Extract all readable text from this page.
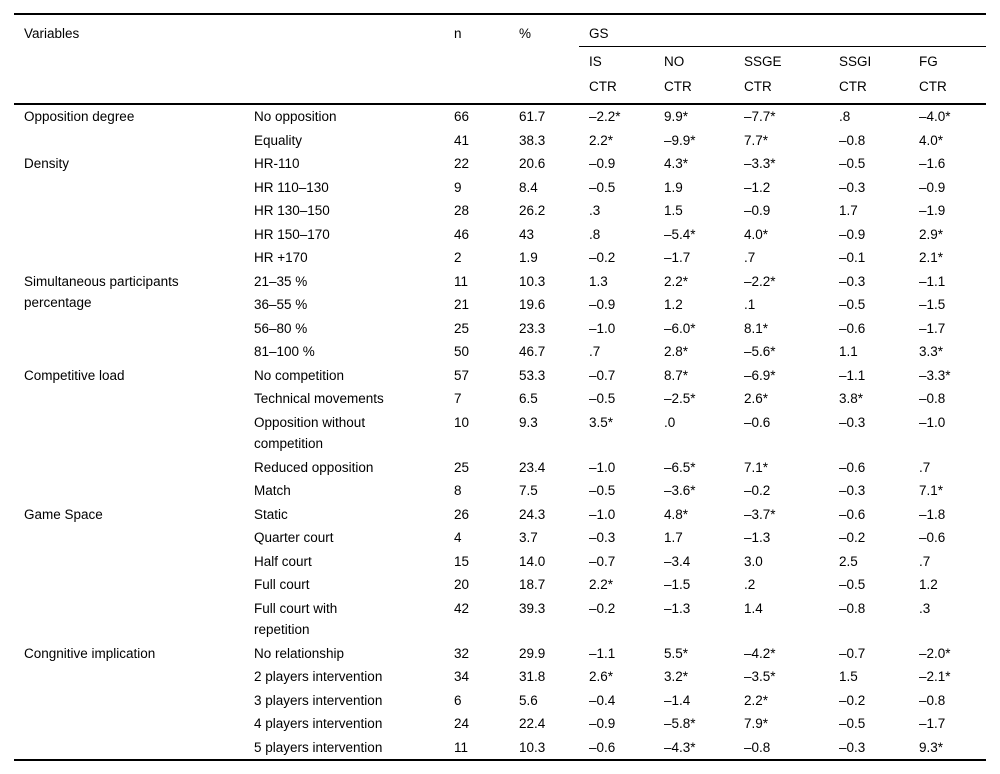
Variables		n	%	GS				
				IS	NO	SSGE	SSGI	FG
				CTR	CTR	CTR	CTR	CTR
Opposition degree	No opposition	66	61.7	–2.2*	9.9*	–7.7*	.8	–4.0*
	Equality	41	38.3	2.2*	–9.9*	7.7*	–0.8	4.0*
Density	HR-110	22	20.6	–0.9	4.3*	–3.3*	–0.5	–1.6
	HR 110–130	9	8.4	–0.5	1.9	–1.2	–0.3	–0.9
	HR 130–150	28	26.2	.3	1.5	–0.9	1.7	–1.9
	HR 150–170	46	43	.8	–5.4*	4.0*	–0.9	2.9*
	HR +170	2	1.9	–0.2	–1.7	.7	–0.1	2.1*
Simultaneous participants percentage	21–35 %	11	10.3	1.3	2.2*	–2.2*	–0.3	–1.1
	36–55 %	21	19.6	–0.9	1.2	.1	–0.5	–1.5
	56–80 %	25	23.3	–1.0	–6.0*	8.1*	–0.6	–1.7
	81–100 %	50	46.7	.7	2.8*	–5.6*	1.1	3.3*
Competitive load	No competition	57	53.3	–0.7	8.7*	–6.9*	–1.1	–3.3*
	Technical movements	7	6.5	–0.5	–2.5*	2.6*	3.8*	–0.8
	Opposition without competition	10	9.3	3.5*	.0	–0.6	–0.3	–1.0
	Reduced opposition	25	23.4	–1.0	–6.5*	7.1*	–0.6	.7
	Match	8	7.5	–0.5	–3.6*	–0.2	–0.3	7.1*
Game Space	Static	26	24.3	–1.0	4.8*	–3.7*	–0.6	–1.8
	Quarter court	4	3.7	–0.3	1.7	–1.3	–0.2	–0.6
	Half court	15	14.0	–0.7	–3.4	3.0	2.5	.7
	Full court	20	18.7	2.2*	–1.5	.2	–0.5	1.2
	Full court with repetition	42	39.3	–0.2	–1.3	1.4	–0.8	.3
Congnitive implication	No relationship	32	29.9	–1.1	5.5*	–4.2*	–0.7	–2.0*
	2 players intervention	34	31.8	2.6*	3.2*	–3.5*	1.5	–2.1*
	3 players intervention	6	5.6	–0.4	–1.4	2.2*	–0.2	–0.8
	4 players intervention	24	22.4	–0.9	–5.8*	7.9*	–0.5	–1.7
	5 players intervention	11	10.3	–0.6	–4.3*	–0.8	–0.3	9.3*
